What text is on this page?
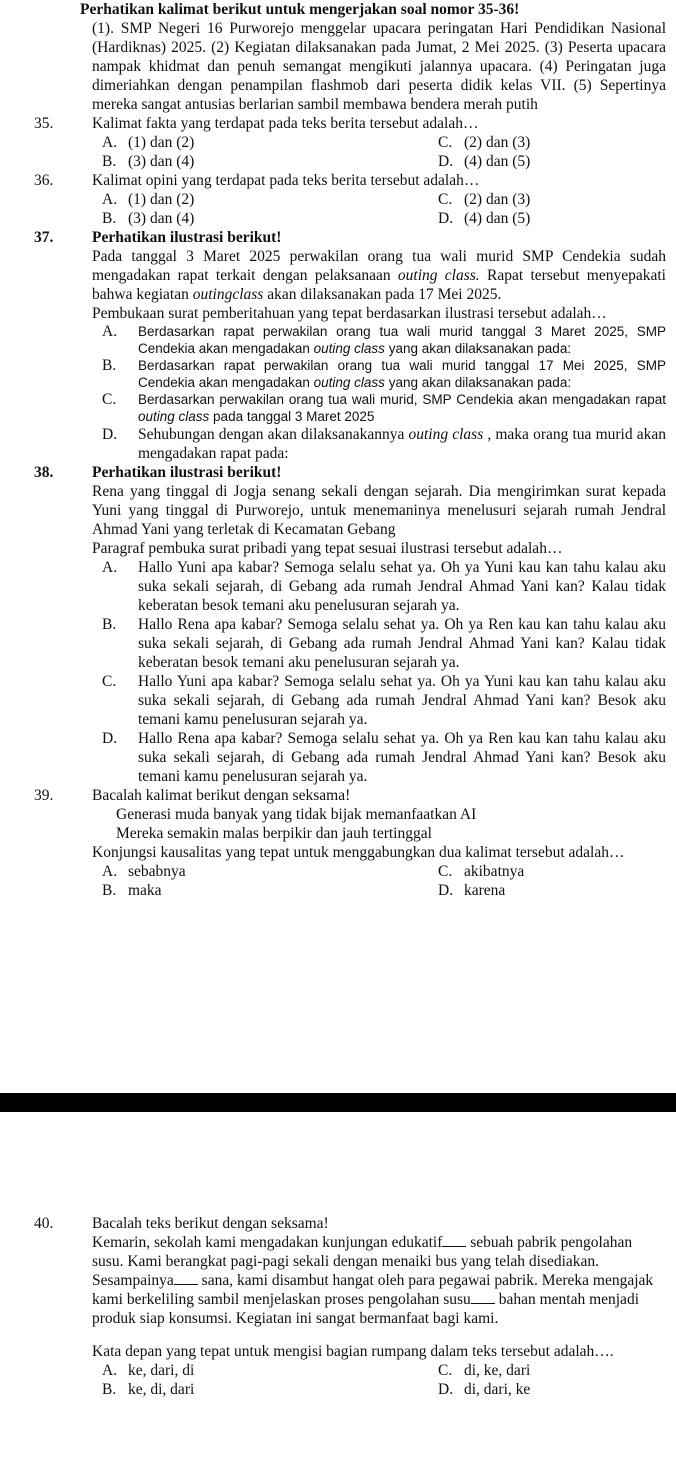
Perhatikan kalimat berikut untuk mengerjakan soal nomor 35-36!
(1). SMP Negeri 16 Purworejo menggelar upacara peringatan Hari Pendidikan Nasional (Hardiknas) 2025. (2) Kegiatan dilaksanakan pada Jumat, 2 Mei 2025. (3) Peserta upacara nampak khidmat dan penuh semangat mengikuti jalannya upacara. (4) Peringatan juga dimeriahkan dengan penampilan flashmob dari peserta didik kelas VII. (5) Sepertinya mereka sangat antusias berlarian sambil membawa bendera merah putih
35. Kalimat fakta yang terdapat pada teks berita tersebut adalah…
A. (1) dan (2)	C. (2) dan (3)
B. (3) dan (4)	D. (4) dan (5)
36. Kalimat opini yang terdapat pada teks berita tersebut adalah…
A. (1) dan (2)	C. (2) dan (3)
B. (3) dan (4)	D. (4) dan (5)
37. Perhatikan ilustrasi berikut!
Pada tanggal 3 Maret 2025 perwakilan orang tua wali murid SMP Cendekia sudah mengadakan rapat terkait dengan pelaksanaan outing class. Rapat tersebut menyepakati bahwa kegiatan outingclass akan dilaksanakan pada 17 Mei 2025.
Pembukaan surat pemberitahuan yang tepat berdasarkan ilustrasi tersebut adalah…
A. Berdasarkan rapat perwakilan orang tua wali murid tanggal 3 Maret 2025, SMP Cendekia akan mengadakan outing class yang akan dilaksanakan pada:
B. Berdasarkan rapat perwakilan orang tua wali murid tanggal 17 Mei 2025, SMP Cendekia akan mengadakan outing class yang akan dilaksanakan pada:
C. Berdasarkan perwakilan orang tua wali murid, SMP Cendekia akan mengadakan rapat outing class pada tanggal 3 Maret 2025
D. Sehubungan dengan akan dilaksanakannya outing class , maka orang tua murid akan mengadakan rapat pada:
38. Perhatikan ilustrasi berikut!
Rena yang tinggal di Jogja senang sekali dengan sejarah. Dia mengirimkan surat kepada Yuni yang tinggal di Purworejo, untuk menemaninya menelusuri sejarah rumah Jendral Ahmad Yani yang terletak di Kecamatan Gebang
Paragraf pembuka surat pribadi yang tepat sesuai ilustrasi tersebut adalah…
A. Hallo Yuni apa kabar? Semoga selalu sehat ya. Oh ya Yuni kau kan tahu kalau aku suka sekali sejarah, di Gebang ada rumah Jendral Ahmad Yani kan? Kalau tidak keberatan besok temani aku penelusuran sejarah ya.
B. Hallo Rena apa kabar? Semoga selalu sehat ya. Oh ya Ren kau kan tahu kalau aku suka sekali sejarah, di Gebang ada rumah Jendral Ahmad Yani kan? Kalau tidak keberatan besok temani aku penelusuran sejarah ya.
C. Hallo Yuni apa kabar? Semoga selalu sehat ya. Oh ya Yuni kau kan tahu kalau aku suka sekali sejarah, di Gebang ada rumah Jendral Ahmad Yani kan? Besok aku temani kamu penelusuran sejarah ya.
D. Hallo Rena apa kabar? Semoga selalu sehat ya. Oh ya Ren kau kan tahu kalau aku suka sekali sejarah, di Gebang ada rumah Jendral Ahmad Yani kan? Besok aku temani kamu penelusuran sejarah ya.
39. Bacalah kalimat berikut dengan seksama!
Generasi muda banyak yang tidak bijak memanfaatkan AI
Mereka semakin malas berpikir dan jauh tertinggal
Konjungsi kausalitas yang tepat untuk menggabungkan dua kalimat tersebut adalah…
A. sebabnya	C. akibatnya
B. maka	D. karena
40. Bacalah teks berikut dengan seksama!
Kemarin, sekolah kami mengadakan kunjungan edukatif sebuah pabrik pengolahan susu. Kami berangkat pagi-pagi sekali dengan menaiki bus yang telah disediakan. Sesampainya sana, kami disambut hangat oleh para pegawai pabrik. Mereka mengajak kami berkeliling sambil menjelaskan proses pengolahan susu bahan mentah menjadi produk siap konsumsi. Kegiatan ini sangat bermanfaat bagi kami.
Kata depan yang tepat untuk mengisi bagian rumpang dalam teks tersebut adalah….
A. ke, dari, di	C. di, ke, dari
B. ke, di, dari	D. di, dari, ke
